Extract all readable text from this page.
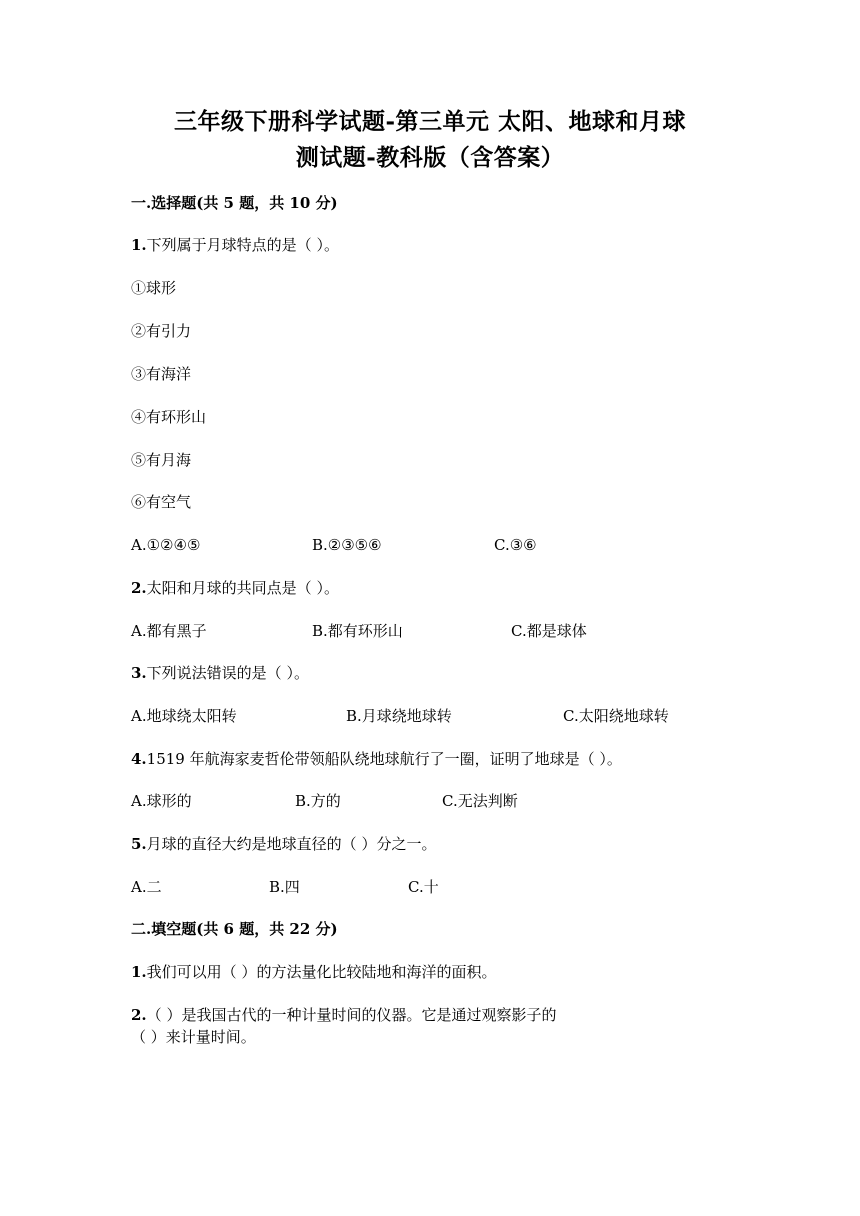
三年级下册科学试题-第三单元 太阳、地球和月球
测试题-教科版（含答案）
一.选择题(共 5 题，共 10 分)
1.下列属于月球特点的是（ ）。
①球形
②有引力
③有海洋
④有环形山
⑤有月海
⑥有空气
A.①②④⑤	B.②③⑤⑥	C.③⑥
2.太阳和月球的共同点是（ ）。
A.都有黑子	B.都有环形山	C.都是球体
3.下列说法错误的是（ ）。
A.地球绕太阳转	B.月球绕地球转	C.太阳绕地球转
4.1519 年航海家麦哲伦带领船队绕地球航行了一圈，证明了地球是（ ）。
A.球形的	B.方的	C.无法判断
5.月球的直径大约是地球直径的（ ）分之一。
A.二	B.四	C.十
二.填空题(共 6 题，共 22 分)
1.我们可以用（ ）的方法量化比较陆地和海洋的面积。
2.（ ）是我国古代的一种计量时间的仪器。它是通过观察影子的
（ ）来计量时间。
